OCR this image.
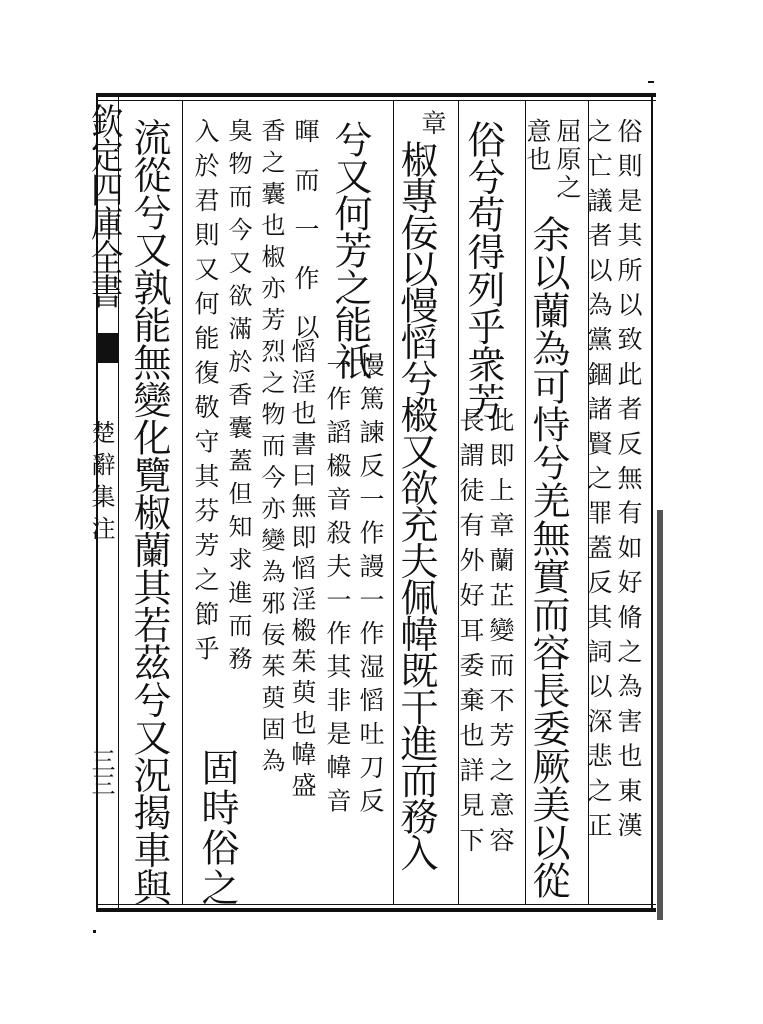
欽定四庫全書
楚辭集注
三三	俗則是其所以致此者反無有如好脩之為害也東漢
之亡議者以為黨錮諸賢之罪蓋反其詞以深悲之正
屈原之
余以蘭為可恃兮羌無實而容長委厥美以從
意也
俗兮苟得列乎衆芳
此即上章蘭芷變而不芳之意容
長謂徒有外好耳委棄也詳見下
章
椒專佞以慢慆兮榝又欲充夫佩幃既干進而務入
兮又何芳之能祇
慢篤諫反一作謾一作湿慆吐刀反
一作謟榝音殺夫一作其非是幃音
暉而一作以
慆淫也書曰無即慆淫榝茱萸也幃盛
香之囊也椒亦芳烈之物而今亦變為邪佞茱萸固為
臭物而今又欲滿於香囊蓋但知求進而務
入於君則又何能復敬守其芬芳之節乎
固時俗之
流從兮又孰能無變化覽椒蘭其若茲兮又況揭車與
